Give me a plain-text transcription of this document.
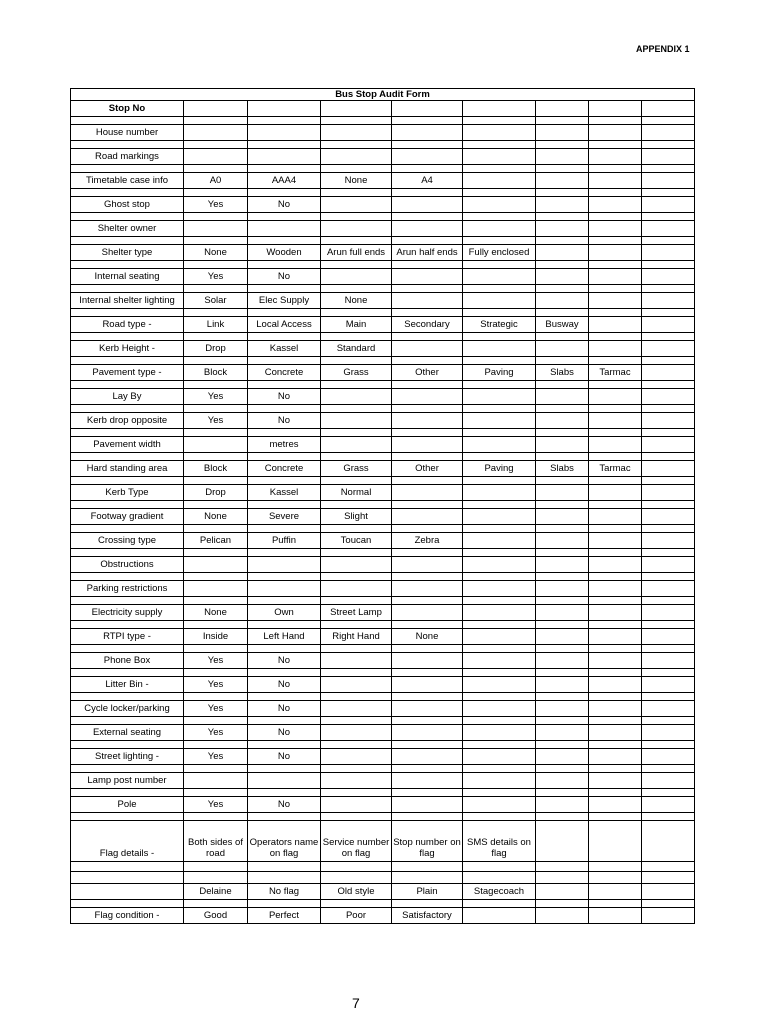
APPENDIX 1
Bus Stop Audit Form								
Stop No								

House number								

Road markings								

Timetable case info	A0	AAA4	None	A4				

Ghost stop	Yes	No						

Shelter owner								

Shelter type	None	Wooden	Arun full ends	Arun half ends	Fully enclosed			

Internal seating	Yes	No						

Internal shelter lighting	Solar	Elec Supply	None					

Road type -	Link	Local Access	Main	Secondary	Strategic	Busway		

Kerb Height -	Drop	Kassel	Standard					

Pavement type -	Block	Concrete	Grass	Other	Paving	Slabs	Tarmac	

Lay By	Yes	No						

Kerb drop opposite	Yes	No						

Pavement width		metres						

Hard standing area	Block	Concrete	Grass	Other	Paving	Slabs	Tarmac	

Kerb Type	Drop	Kassel	Normal					

Footway gradient	None	Severe	Slight					

Crossing type	Pelican	Puffin	Toucan	Zebra				

Obstructions								

Parking restrictions								

Electricity supply	None	Own	Street Lamp					

RTPI type -	Inside	Left Hand	Right Hand	None				

Phone Box	Yes	No						

Litter Bin -	Yes	No						

Cycle locker/parking	Yes	No						

External seating	Yes	No						

Street lighting -	Yes	No						

Lamp post number								

Pole	Yes	No						

Flag details -	Both sides of road	Operators name on flag	Service number on flag	Stop number on flag	SMS details on flag			

	Delaine	No flag	Old style	Plain	Stagecoach			

Flag condition -	Good	Perfect	Poor	Satisfactory				
7
